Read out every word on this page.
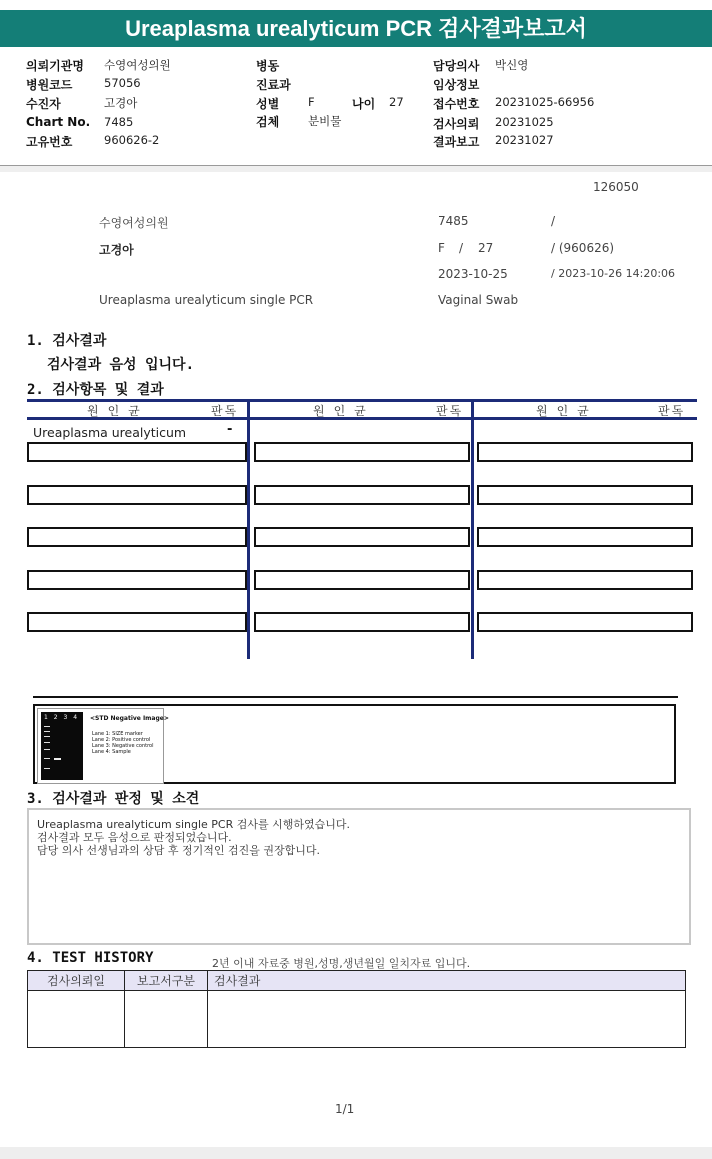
Ureaplasma urealyticum PCR 검사결과보고서
의뢰기관명 수영여성의원
병원코드	57056
수진자	고경아
Chart No. 7485
고유번호	960626-2
병동
진료과
성별	F	나이 27
검체	분비물
담당의사 박신영
임상정보
접수번호 20231025-66956
검사의뢰 20231025
결과보고 20231027
126050
수영여성의원	7485	/
고경아	F / 27	/ (960626)
2023-10-25	/ 2023-10-26 14:20:06
Ureaplasma urealyticum single PCR	Vaginal Swab
1. 검사결과
검사결과 음성 입니다.
2. 검사항목 및 결과
원인균	판독	원인균	판독	원인균	판독
Ureaplasma urealyticum	-
1 2 3 4 <STD Negative Image>
Lane 1: SIZE marker
Lane 2: Positive control
Lane 3: Negative control
Lane 4: Sample
3. 검사결과 판정 및 소견
Ureaplasma urealyticum single PCR 검사를 시행하였습니다.
검사결과 모두 음성으로 판정되었습니다.
담당 의사 선생님과의 상담 후 정기적인 검진을 권장합니다.
4. TEST HISTORY	2년 이내 자료중 병원,성명,생년월일 일치자료 입니다.
검사의뢰일	보고서구분	검사결과

1/1
